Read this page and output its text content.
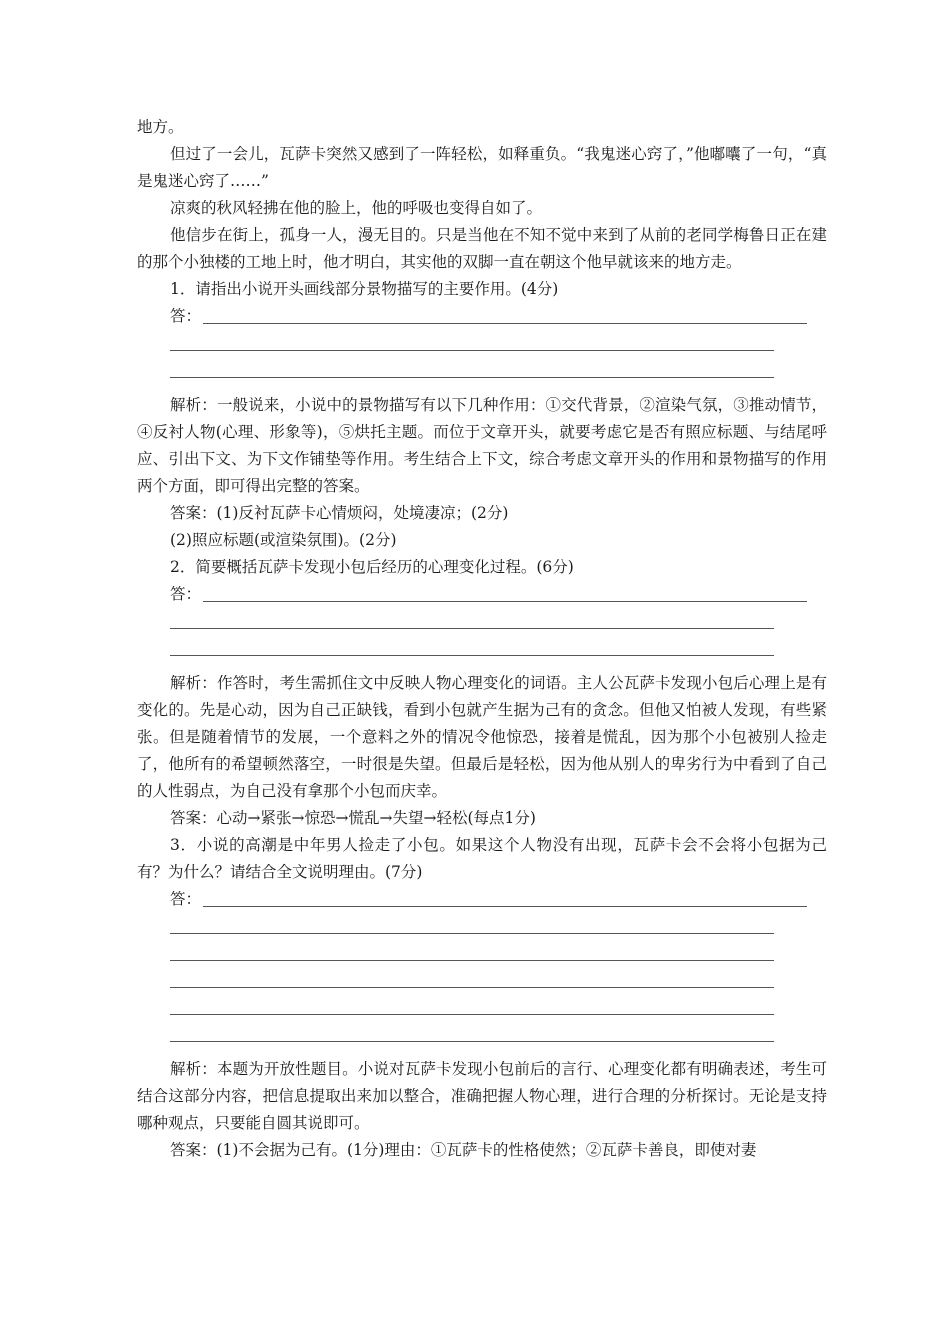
地方。

但过了一会儿，瓦萨卡突然又感到了一阵轻松，如释重负。“我鬼迷心窍了，”他嘟囔了一句，“真是鬼迷心窍了……”

凉爽的秋风轻拂在他的脸上，他的呼吸也变得自如了。

他信步在街上，孤身一人，漫无目的。只是当他在不知不觉中来到了从前的老同学梅鲁日正在建的那个小独楼的工地上时，他才明白，其实他的双脚一直在朝这个他早就该来的地方走。

1．请指出小说开头画线部分景物描写的主要作用。(4分)

答：

解析：一般说来，小说中的景物描写有以下几种作用：①交代背景，②渲染气氛，③推动情节，④反衬人物(心理、形象等)，⑤烘托主题。而位于文章开头，就要考虑它是否有照应标题、与结尾呼应、引出下文、为下文作铺垫等作用。考生结合上下文，综合考虑文章开头的作用和景物描写的作用两个方面，即可得出完整的答案。

答案：(1)反衬瓦萨卡心情烦闷，处境凄凉；(2分)

(2)照应标题(或渲染氛围)。(2分)

2．简要概括瓦萨卡发现小包后经历的心理变化过程。(6分)

答：

解析：作答时，考生需抓住文中反映人物心理变化的词语。主人公瓦萨卡发现小包后心理上是有变化的。先是心动，因为自己正缺钱，看到小包就产生据为己有的贪念。但他又怕被人发现，有些紧张。但是随着情节的发展，一个意料之外的情况令他惊恐，接着是慌乱，因为那个小包被别人捡走了，他所有的希望顿然落空，一时很是失望。但最后是轻松，因为他从别人的卑劣行为中看到了自己的人性弱点，为自己没有拿那个小包而庆幸。

答案：心动→紧张→惊恐→慌乱→失望→轻松(每点1分)

3．小说的高潮是中年男人捡走了小包。如果这个人物没有出现，瓦萨卡会不会将小包据为己有？为什么？请结合全文说明理由。(7分)

答：

解析：本题为开放性题目。小说对瓦萨卡发现小包前后的言行、心理变化都有明确表述，考生可结合这部分内容，把信息提取出来加以整合，准确把握人物心理，进行合理的分析探讨。无论是支持哪种观点，只要能自圆其说即可。

答案：(1)不会据为己有。(1分)理由：①瓦萨卡的性格使然；②瓦萨卡善良，即使对妻
